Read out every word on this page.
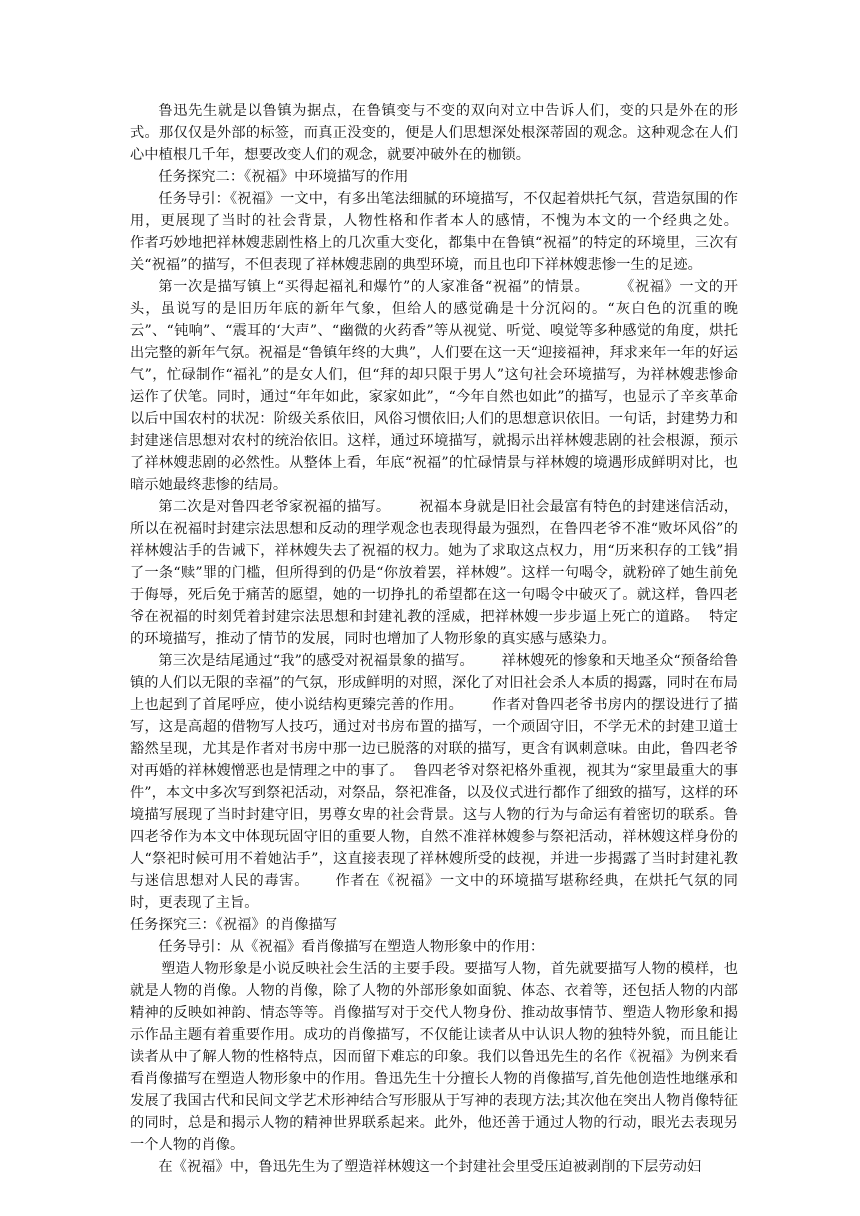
鲁迅先生就是以鲁镇为据点，在鲁镇变与不变的双向对立中告诉人们，变的只是外在的形式。那仅仅是外部的标签，而真正没变的，便是人们思想深处根深蒂固的观念。这种观念在人们心中植根几千年，想要改变人们的观念，就要冲破外在的枷锁。

任务探究二：《祝福》中环境描写的作用

任务导引：《祝福》一文中，有多出笔法细腻的环境描写，不仅起着烘托气氛，营造氛围的作用，更展现了当时的社会背景，人物性格和作者本人的感情，不愧为本文的一个经典之处。      作者巧妙地把祥林嫂悲剧性格上的几次重大变化，都集中在鲁镇“祝福”的特定的环境里，三次有关“祝福”的描写，不但表现了祥林嫂悲剧的典型环境，而且也印下祥林嫂悲惨一生的足迹。

第一次是描写镇上“买得起福礼和爆竹”的人家准备“祝福”的情景。      《祝福》一文的开头，虽说写的是旧历年底的新年气象，但给人的感觉确是十分沉闷的。“灰白色的沉重的晚云”、“钝响”、“震耳的‘大声”、“幽微的火药香”等从视觉、听觉、嗅觉等多种感觉的角度，烘托出完整的新年气氛。祝福是“鲁镇年终的大典”，人们要在这一天“迎接福神，拜求来年一年的好运气”，忙碌制作“福礼”的是女人们，但“拜的却只限于男人”这句社会环境描写，为祥林嫂悲惨命运作了伏笔。同时，通过“年年如此，家家如此”，“今年自然也如此”的描写，也显示了辛亥革命以后中国农村的状况：阶级关系依旧，风俗习惯依旧;人们的思想意识依旧。一句话，封建势力和封建迷信思想对农村的统治依旧。这样，通过环境描写，就揭示出祥林嫂悲剧的社会根源，预示了祥林嫂悲剧的必然性。从整体上看，年底“祝福”的忙碌情景与祥林嫂的境遇形成鲜明对比，也暗示她最终悲惨的结局。

第二次是对鲁四老爷家祝福的描写。      祝福本身就是旧社会最富有特色的封建迷信活动，所以在祝福时封建宗法思想和反动的理学观念也表现得最为强烈，在鲁四老爷不准“败坏风俗”的祥林嫂沾手的告诫下，祥林嫂失去了祝福的权力。她为了求取这点权力，用“历来积存的工钱”捐了一条“赎”罪的门槛，但所得到的仍是“你放着罢，祥林嫂”。这样一句喝令，就粉碎了她生前免于侮辱，死后免于痛苦的愿望，她的一切挣扎的希望都在这一句喝令中破灭了。就这样，鲁四老爷在祝福的时刻凭着封建宗法思想和封建礼教的淫威，把祥林嫂一步步逼上死亡的道路。  特定的环境描写，推动了情节的发展，同时也增加了人物形象的真实感与感染力。

第三次是结尾通过“我”的感受对祝福景象的描写。      祥林嫂死的惨象和天地圣众“预备给鲁镇的人们以无限的幸福”的气氛，形成鲜明的对照，深化了对旧社会杀人本质的揭露，同时在布局上也起到了首尾呼应，使小说结构更臻完善的作用。      作者对鲁四老爷书房内的摆设进行了描写，这是高超的借物写人技巧，通过对书房布置的描写，一个顽固守旧，不学无术的封建卫道士豁然呈现，尤其是作者对书房中那一边已脱落的对联的描写，更含有讽刺意味。由此，鲁四老爷对再婚的祥林嫂憎恶也是情理之中的事了。  鲁四老爷对祭祀格外重视，视其为“家里最重大的事件”，本文中多次写到祭祀活动，对祭品，祭祀准备，以及仪式进行都作了细致的描写，这样的环境描写展现了当时封建守旧，男尊女卑的社会背景。这与人物的行为与命运有着密切的联系。鲁四老爷作为本文中体现玩固守旧的重要人物，自然不准祥林嫂参与祭祀活动，祥林嫂这样身份的人“祭祀时候可用不着她沾手”，这直接表现了祥林嫂所受的歧视，并进一步揭露了当时封建礼教与迷信思想对人民的毒害。     作者在《祝福》一文中的环境描写堪称经典，在烘托气氛的同时，更表现了主旨。

任务探究三：《祝福》的肖像描写

任务导引：从《祝福》看肖像描写在塑造人物形象中的作用：

塑造人物形象是小说反映社会生活的主要手段。要描写人物，首先就要描写人物的模样，也就是人物的肖像。人物的肖像，除了人物的外部形象如面貌、体态、衣着等，还包括人物的内部精神的反映如神韵、情态等等。肖像描写对于交代人物身份、推动故事情节、塑造人物形象和揭示作品主题有着重要作用。成功的肖像描写，不仅能让读者从中认识人物的独特外貌，而且能让读者从中了解人物的性格特点，因而留下难忘的印象。我们以鲁迅先生的名作《祝福》为例来看看肖像描写在塑造人物形象中的作用。鲁迅先生十分擅长人物的肖像描写,首先他创造性地继承和发展了我国古代和民间文学艺术形神结合写形服从于写神的表现方法;其次他在突出人物肖像特征的同时，总是和揭示人物的精神世界联系起来。此外，他还善于通过人物的行动，眼光去表现另一个人物的肖像。

在《祝福》中，鲁迅先生为了塑造祥林嫂这一个封建社会里受压迫被剥削的下层劳动妇
